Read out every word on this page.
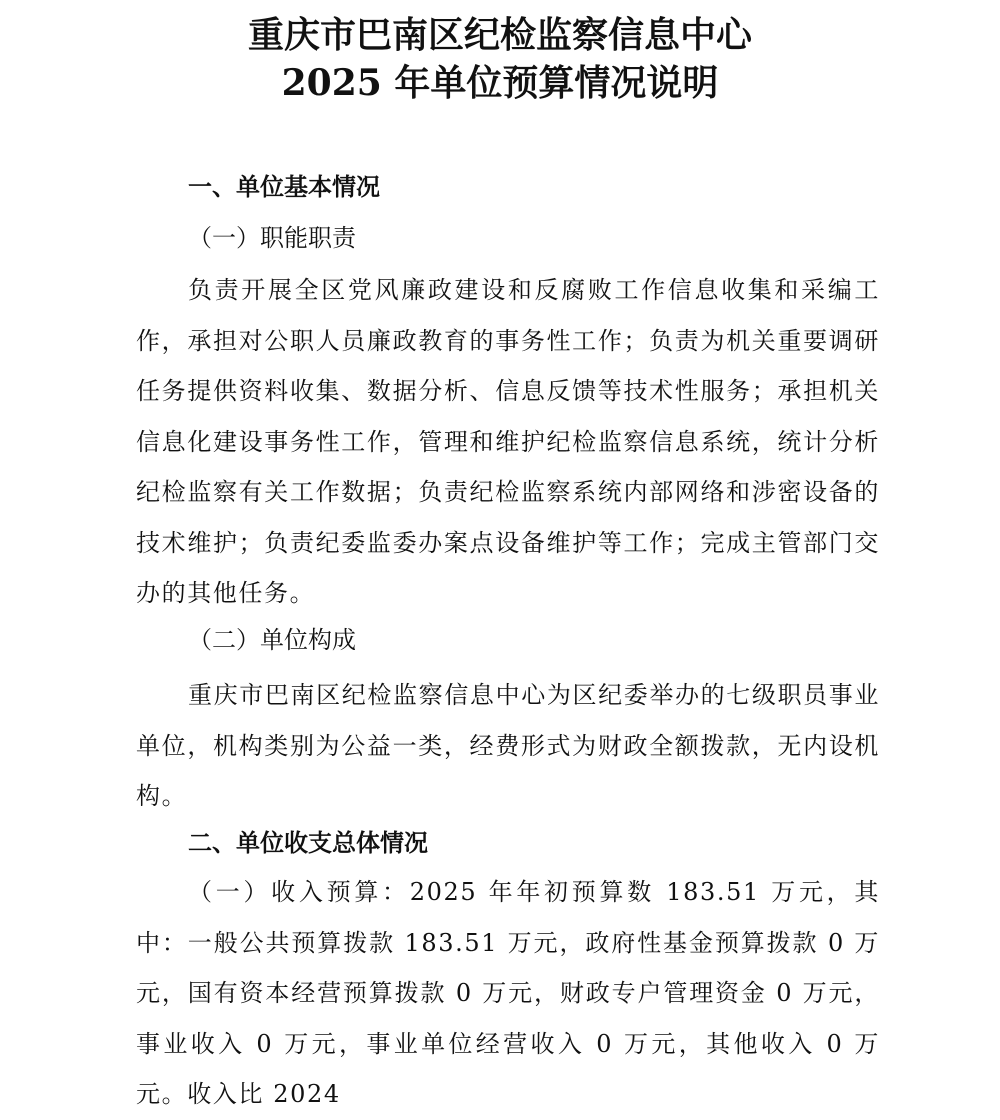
重庆市巴南区纪检监察信息中心
2025 年单位预算情况说明
一、单位基本情况
（一）职能职责
负责开展全区党风廉政建设和反腐败工作信息收集和采编工作，承担对公职人员廉政教育的事务性工作；负责为机关重要调研任务提供资料收集、数据分析、信息反馈等技术性服务；承担机关信息化建设事务性工作，管理和维护纪检监察信息系统，统计分析纪检监察有关工作数据；负责纪检监察系统内部网络和涉密设备的技术维护；负责纪委监委办案点设备维护等工作；完成主管部门交办的其他任务。
（二）单位构成
重庆市巴南区纪检监察信息中心为区纪委举办的七级职员事业单位，机构类别为公益一类，经费形式为财政全额拨款，无内设机构。
二、单位收支总体情况
（一）收入预算：2025 年年初预算数 183.51 万元，其中：一般公共预算拨款 183.51 万元，政府性基金预算拨款 0 万元，国有资本经营预算拨款 0 万元，财政专户管理资金 0 万元，事业收入 0 万元，事业单位经营收入 0 万元，其他收入 0 万元。收入比 2024
